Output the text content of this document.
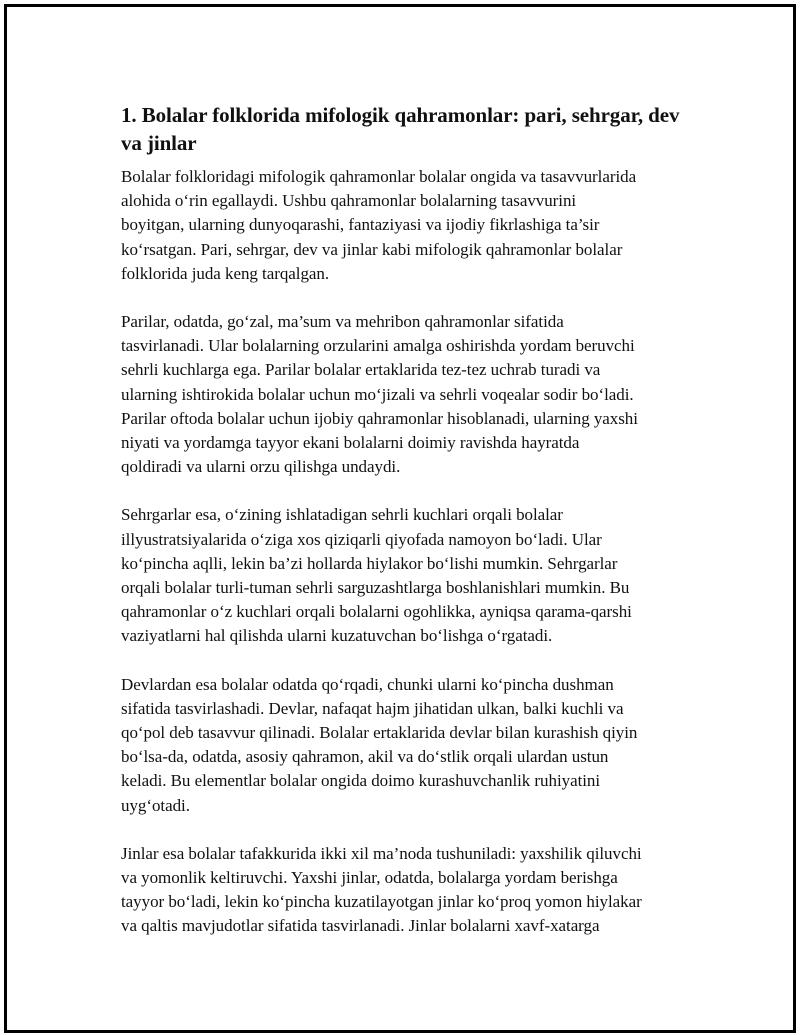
1. Bolalar folklorida mifologik qahramonlar: pari, sehrgar, dev
va jinlar

Bolalar folkloridagi mifologik qahramonlar bolalar ongida va tasavvurlarida
alohida o‘rin egallaydi. Ushbu qahramonlar bolalarning tasavvurini
boyitgan, ularning dunyoqarashi, fantaziyasi va ijodiy fikrlashiga ta’sir
ko‘rsatgan. Pari, sehrgar, dev va jinlar kabi mifologik qahramonlar bolalar
folklorida juda keng tarqalgan.

Parilar, odatda, go‘zal, ma’sum va mehribon qahramonlar sifatida
tasvirlanadi. Ular bolalarning orzularini amalga oshirishda yordam beruvchi
sehrli kuchlarga ega. Parilar bolalar ertaklarida tez-tez uchrab turadi va
ularning ishtirokida bolalar uchun mo‘jizali va sehrli voqealar sodir bo‘ladi.
Parilar oftoda bolalar uchun ijobiy qahramonlar hisoblanadi, ularning yaxshi
niyati va yordamga tayyor ekani bolalarni doimiy ravishda hayratda
qoldiradi va ularni orzu qilishga undaydi.

Sehrgarlar esa, o‘zining ishlatadigan sehrli kuchlari orqali bolalar
illyustratsiyalarida o‘ziga xos qiziqarli qiyofada namoyon bo‘ladi. Ular
ko‘pincha aqlli, lekin ba’zi hollarda hiylakor bo‘lishi mumkin. Sehrgarlar
orqali bolalar turli-tuman sehrli sarguzashtlarga boshlanishlari mumkin. Bu
qahramonlar o‘z kuchlari orqali bolalarni ogohlikka, ayniqsa qarama-qarshi
vaziyatlarni hal qilishda ularni kuzatuvchan bo‘lishga o‘rgatadi.

Devlardan esa bolalar odatda qo‘rqadi, chunki ularni ko‘pincha dushman
sifatida tasvirlashadi. Devlar, nafaqat hajm jihatidan ulkan, balki kuchli va
qo‘pol deb tasavvur qilinadi. Bolalar ertaklarida devlar bilan kurashish qiyin
bo‘lsa-da, odatda, asosiy qahramon, akil va do‘stlik orqali ulardan ustun
keladi. Bu elementlar bolalar ongida doimo kurashuvchanlik ruhiyatini
uyg‘otadi.

Jinlar esa bolalar tafakkurida ikki xil ma’noda tushuniladi: yaxshilik qiluvchi
va yomonlik keltiruvchi. Yaxshi jinlar, odatda, bolalarga yordam berishga
tayyor bo‘ladi, lekin ko‘pincha kuzatilayotgan jinlar ko‘proq yomon hiylakar
va qaltis mavjudotlar sifatida tasvirlanadi. Jinlar bolalarni xavf-xatarga
